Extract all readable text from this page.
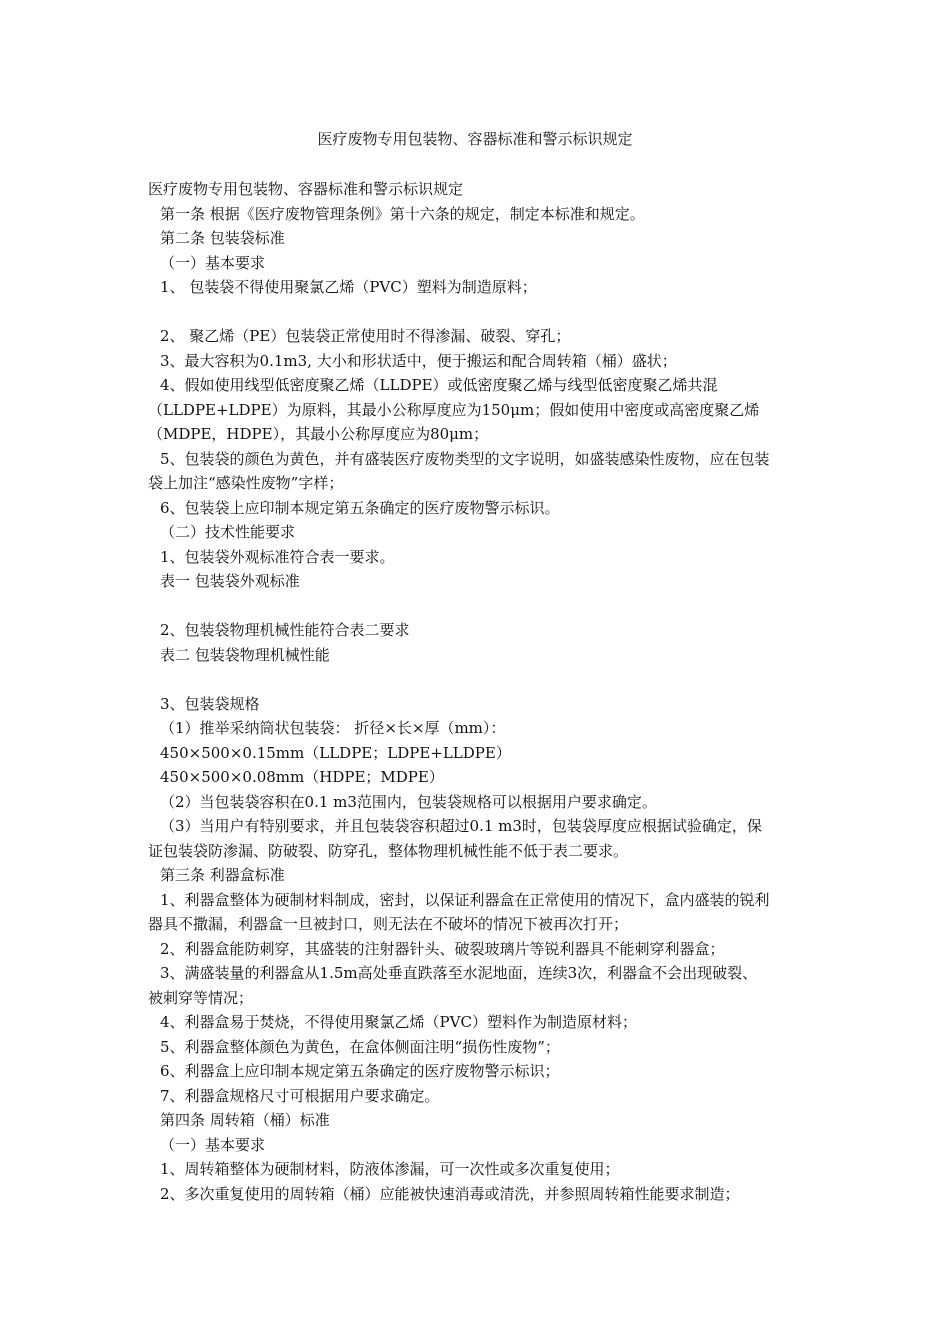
医疗废物专用包装物、容器标准和警示标识规定
医疗废物专用包装物、容器标准和警示标识规定
第一条 根据《医疗废物管理条例》第十六条的规定，制定本标准和规定。
第二条 包装袋标准
（一）基本要求
1、 包装袋不得使用聚氯乙烯（PVC）塑料为制造原料；
2、 聚乙烯（PE）包装袋正常使用时不得渗漏、破裂、穿孔；
3、最大容积为0.1m3, 大小和形状适中，便于搬运和配合周转箱（桶）盛状；
4、假如使用线型低密度聚乙烯（LLDPE）或低密度聚乙烯与线型低密度聚乙烯共混
（LLDPE+LDPE）为原料，其最小公称厚度应为150μm；假如使用中密度或高密度聚乙烯
（MDPE，HDPE），其最小公称厚度应为80μm；
5、包装袋的颜色为黄色，并有盛装医疗废物类型的文字说明，如盛装感染性废物，应在包装
袋上加注“感染性废物”字样；
6、包装袋上应印制本规定第五条确定的医疗废物警示标识。
（二）技术性能要求
1、包装袋外观标准符合表一要求。
表一 包装袋外观标准
2、包装袋物理机械性能符合表二要求
表二 包装袋物理机械性能
3、包装袋规格
（1）推举采纳筒状包装袋： 折径×长×厚（mm）：
450×500×0.15mm（LLDPE；LDPE+LLDPE）
450×500×0.08mm（HDPE；MDPE）
（2）当包装袋容积在0.1 m3范围内，包装袋规格可以根据用户要求确定。
（3）当用户有特别要求，并且包装袋容积超过0.1 m3时，包装袋厚度应根据试验确定，保
证包装袋防渗漏、防破裂、防穿孔，整体物理机械性能不低于表二要求。
第三条 利器盒标准
1、利器盒整体为硬制材料制成，密封，以保证利器盒在正常使用的情况下，盒内盛装的锐利
器具不撒漏，利器盒一旦被封口，则无法在不破坏的情况下被再次打开；
2、利器盒能防刺穿，其盛装的注射器针头、破裂玻璃片等锐利器具不能刺穿利器盒；
3、满盛装量的利器盒从1.5m高处垂直跌落至水泥地面，连续3次，利器盒不会出现破裂、
被刺穿等情况；
4、利器盒易于焚烧，不得使用聚氯乙烯（PVC）塑料作为制造原材料；
5、利器盒整体颜色为黄色，在盒体侧面注明“损伤性废物”；
6、利器盒上应印制本规定第五条确定的医疗废物警示标识；
7、利器盒规格尺寸可根据用户要求确定。
第四条 周转箱（桶）标准
（一）基本要求
1、周转箱整体为硬制材料，防液体渗漏，可一次性或多次重复使用；
2、多次重复使用的周转箱（桶）应能被快速消毒或清洗，并参照周转箱性能要求制造；
